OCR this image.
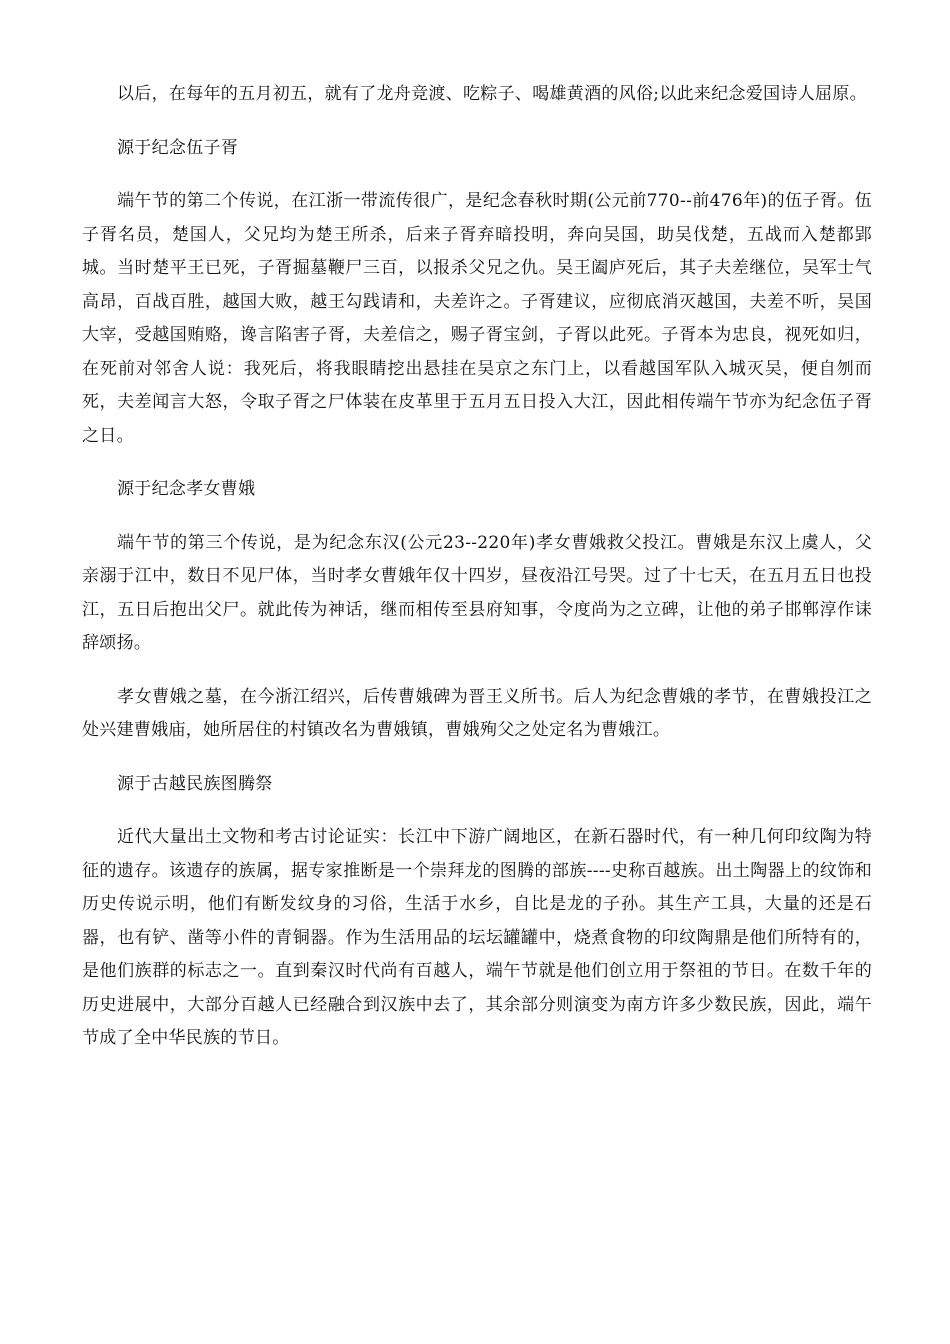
以后，在每年的五月初五，就有了龙舟竞渡、吃粽子、喝雄黄酒的风俗;以此来纪念爱国诗人屈原。

源于纪念伍子胥

端午节的第二个传说，在江浙一带流传很广，是纪念春秋时期(公元前770--前476年)的伍子胥。伍子胥名员，楚国人，父兄均为楚王所杀，后来子胥弃暗投明，奔向吴国，助吴伐楚，五战而入楚都郢城。当时楚平王已死，子胥掘墓鞭尸三百，以报杀父兄之仇。吴王阖庐死后，其子夫差继位，吴军士气高昂，百战百胜，越国大败，越王勾践请和，夫差许之。子胥建议，应彻底消灭越国，夫差不听，吴国大宰，受越国贿赂，谗言陷害子胥，夫差信之，赐子胥宝剑，子胥以此死。子胥本为忠良，视死如归，在死前对邻舍人说：我死后，将我眼睛挖出悬挂在吴京之东门上，以看越国军队入城灭吴，便自刎而死，夫差闻言大怒，令取子胥之尸体装在皮革里于五月五日投入大江，因此相传端午节亦为纪念伍子胥之日。

源于纪念孝女曹娥

端午节的第三个传说，是为纪念东汉(公元23--220年)孝女曹娥救父投江。曹娥是东汉上虞人，父亲溺于江中，数日不见尸体，当时孝女曹娥年仅十四岁，昼夜沿江号哭。过了十七天，在五月五日也投江，五日后抱出父尸。就此传为神话，继而相传至县府知事，令度尚为之立碑，让他的弟子邯郸淳作诔辞颂扬。

孝女曹娥之墓，在今浙江绍兴，后传曹娥碑为晋王义所书。后人为纪念曹娥的孝节，在曹娥投江之处兴建曹娥庙，她所居住的村镇改名为曹娥镇，曹娥殉父之处定名为曹娥江。

源于古越民族图腾祭

近代大量出土文物和考古讨论证实：长江中下游广阔地区，在新石器时代，有一种几何印纹陶为特征的遗存。该遗存的族属，据专家推断是一个崇拜龙的图腾的部族----史称百越族。出土陶器上的纹饰和历史传说示明，他们有断发纹身的习俗，生活于水乡，自比是龙的子孙。其生产工具，大量的还是石器，也有铲、凿等小件的青铜器。作为生活用品的坛坛罐罐中，烧煮食物的印纹陶鼎是他们所特有的，是他们族群的标志之一。直到秦汉时代尚有百越人，端午节就是他们创立用于祭祖的节日。在数千年的历史进展中，大部分百越人已经融合到汉族中去了，其余部分则演变为南方许多少数民族，因此，端午节成了全中华民族的节日。
